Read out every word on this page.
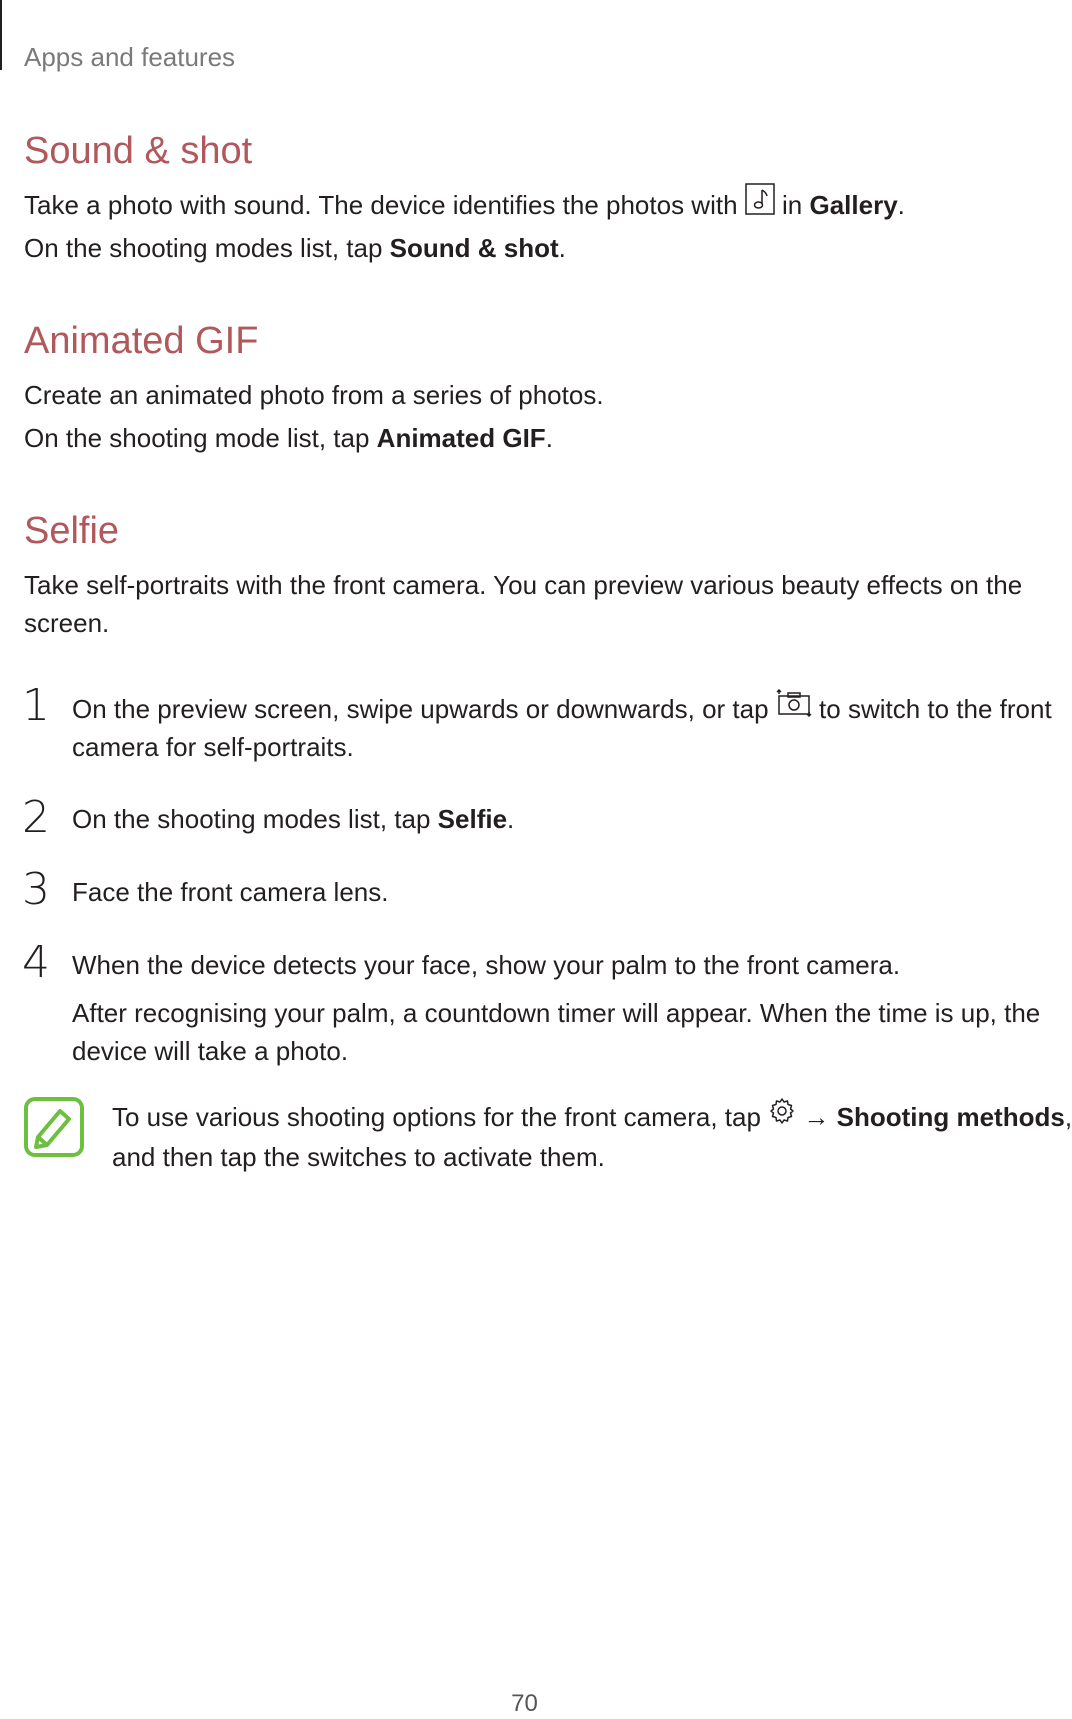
Apps and features
Sound & shot
Take a photo with sound. The device identifies the photos with in Gallery.
On the shooting modes list, tap Sound & shot.
Animated GIF
Create an animated photo from a series of photos.
On the shooting mode list, tap Animated GIF.
Selfie
Take self-portraits with the front camera. You can preview various beauty effects on the
screen.
1 On the preview screen, swipe upwards or downwards, or tap to switch to the front
camera for self-portraits.
2 On the shooting modes list, tap Selfie.
3 Face the front camera lens.
4 When the device detects your face, show your palm to the front camera.
After recognising your palm, a countdown timer will appear. When the time is up, the
device will take a photo.
To use various shooting options for the front camera, tap → Shooting methods,
and then tap the switches to activate them.
70
